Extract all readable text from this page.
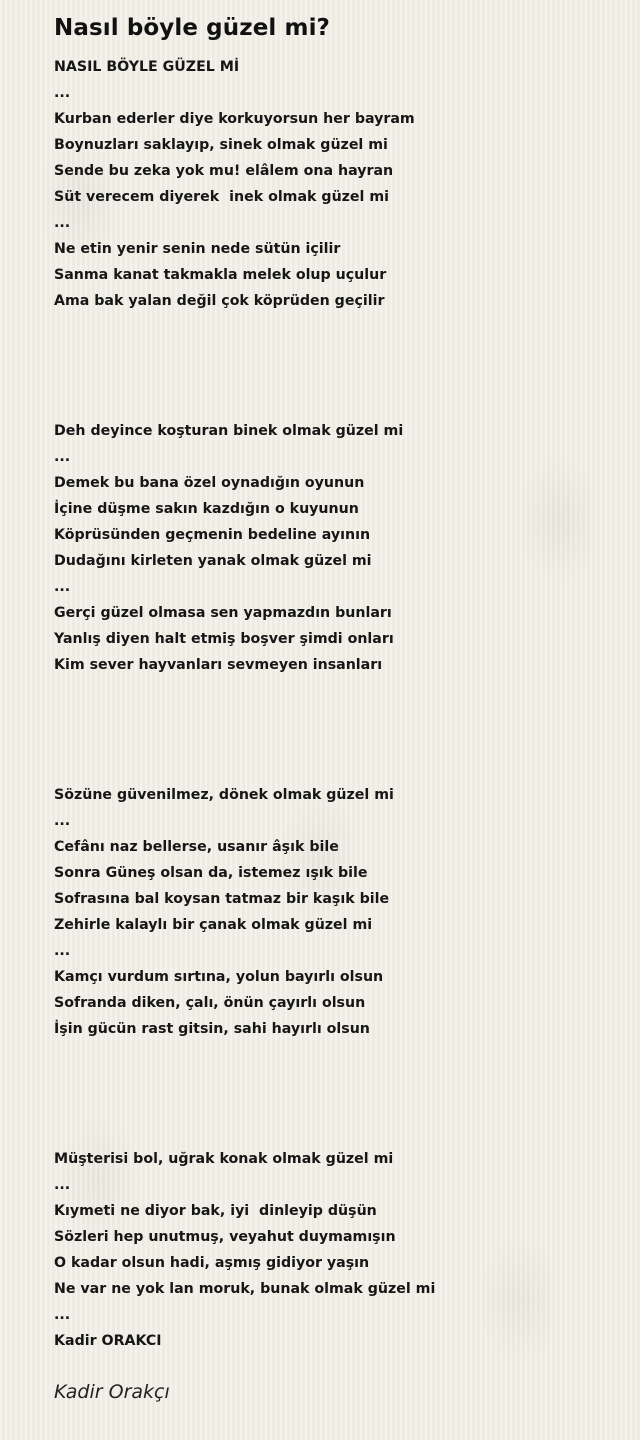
Nasıl böyle güzel mi?
NASIL BÖYLE GÜZEL Mİ
...
Kurban ederler diye korkuyorsun her bayram
Boynuzları saklayıp, sinek olmak güzel mi
Sende bu zeka yok mu! elâlem ona hayran
Süt verecem diyerek  inek olmak güzel mi
...
Ne etin yenir senin nede sütün içilir
Sanma kanat takmakla melek olup uçulur
Ama bak yalan değil çok köprüden geçilir
Deh deyince koşturan binek olmak güzel mi
...
Demek bu bana özel oynadığın oyunun
İçine düşme sakın kazdığın o kuyunun
Köprüsünden geçmenin bedeline ayının
Dudağını kirleten yanak olmak güzel mi
...
Gerçi güzel olmasa sen yapmazdın bunları
Yanlış diyen halt etmiş boşver şimdi onları
Kim sever hayvanları sevmeyen insanları
Sözüne güvenilmez, dönek olmak güzel mi
...
Cefânı naz bellerse, usanır âşık bile
Sonra Güneş olsan da, istemez ışık bile
Sofrasına bal koysan tatmaz bir kaşık bile
Zehirle kalaylı bir çanak olmak güzel mi
...
Kamçı vurdum sırtına, yolun bayırlı olsun
Sofranda diken, çalı, önün çayırlı olsun
İşin gücün rast gitsin, sahi hayırlı olsun
Müşterisi bol, uğrak konak olmak güzel mi
...
Kıymeti ne diyor bak, iyi  dinleyip düşün
Sözleri hep unutmuş, veyahut duymamışın
O kadar olsun hadi, aşmış gidiyor yaşın
Ne var ne yok lan moruk, bunak olmak güzel mi
...
Kadir ORAKCI
Kadir Orakçı
